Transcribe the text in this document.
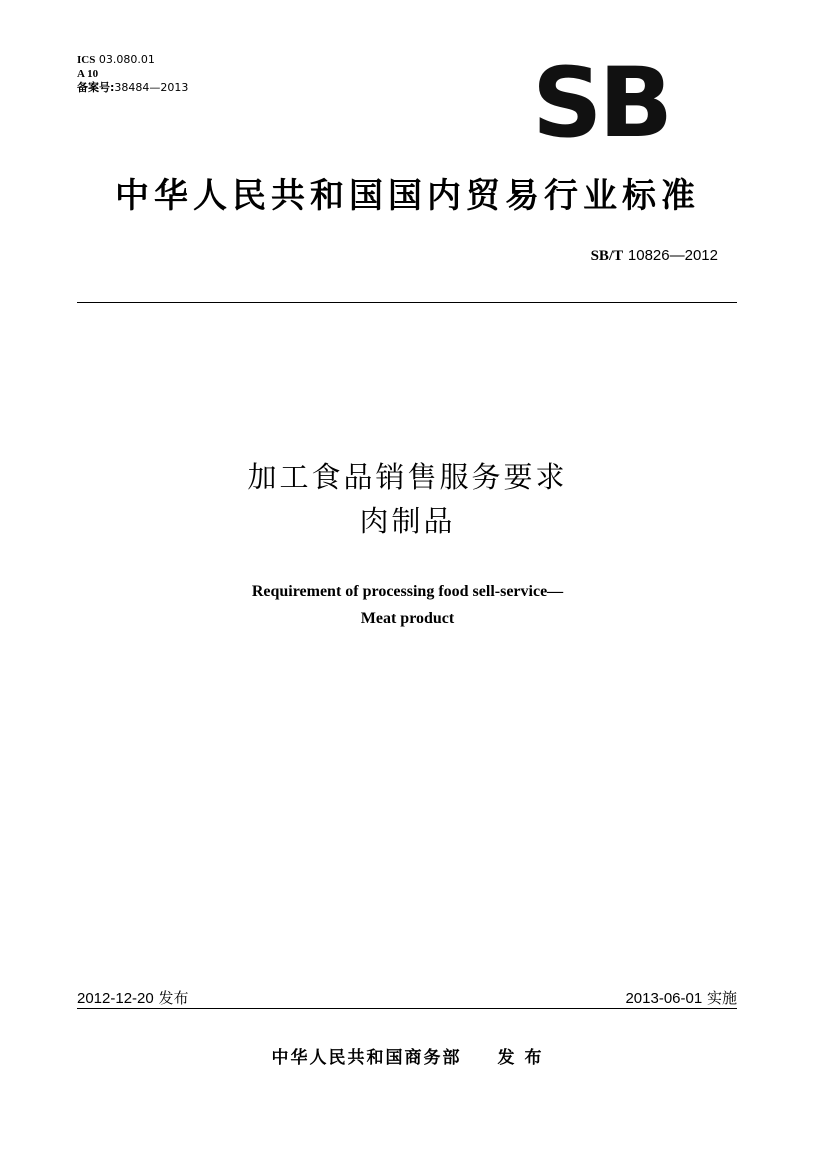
ICS 03.080.01
A 10
备案号:38484—2013	SB
中华人民共和国国内贸易行业标准
SB/T 10826—2012
加工食品销售服务要求
肉制品
Requirement of processing food sell-service—
Meat product
2012-12-20 发布	2013-06-01 实施
中华人民共和国商务部 发 布
